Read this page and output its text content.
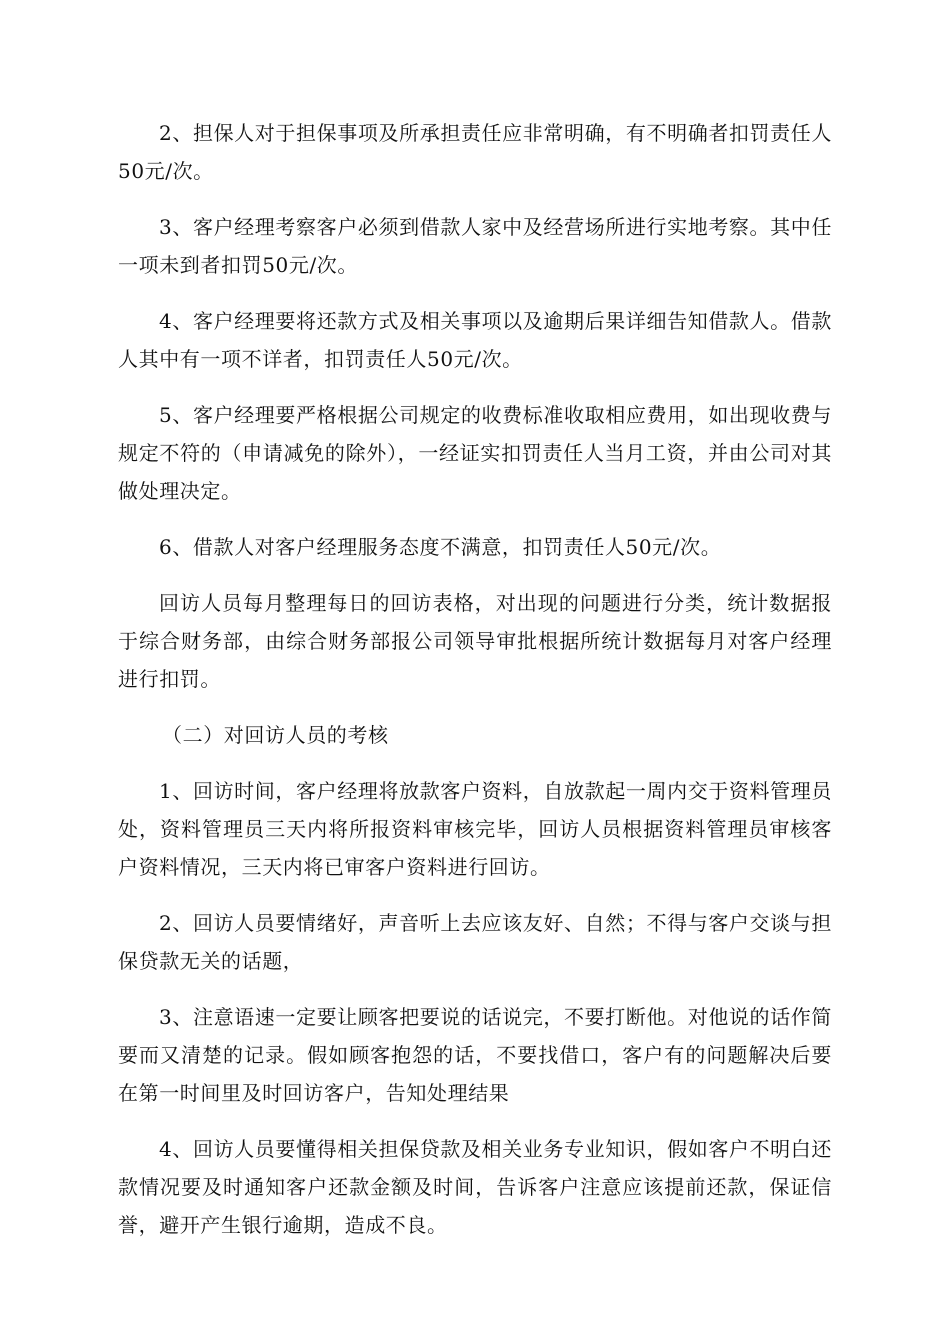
2、担保人对于担保事项及所承担责任应非常明确，有不明确者扣罚责任人50元/次。

3、客户经理考察客户必须到借款人家中及经营场所进行实地考察。其中任一项未到者扣罚50元/次。

4、客户经理要将还款方式及相关事项以及逾期后果详细告知借款人。借款人其中有一项不详者，扣罚责任人50元/次。

5、客户经理要严格根据公司规定的收费标准收取相应费用，如出现收费与规定不符的（申请减免的除外），一经证实扣罚责任人当月工资，并由公司对其做处理决定。

6、借款人对客户经理服务态度不满意，扣罚责任人50元/次。

回访人员每月整理每日的回访表格，对出现的问题进行分类，统计数据报于综合财务部，由综合财务部报公司领导审批根据所统计数据每月对客户经理进行扣罚。

（二）对回访人员的考核

1、回访时间，客户经理将放款客户资料，自放款起一周内交于资料管理员处，资料管理员三天内将所报资料审核完毕，回访人员根据资料管理员审核客户资料情况，三天内将已审客户资料进行回访。

2、回访人员要情绪好，声音听上去应该友好、自然；不得与客户交谈与担保贷款无关的话题，

3、注意语速一定要让顾客把要说的话说完，不要打断他。对他说的话作简要而又清楚的记录。假如顾客抱怨的话，不要找借口，客户有的问题解决后要在第一时间里及时回访客户，告知处理结果

4、回访人员要懂得相关担保贷款及相关业务专业知识，假如客户不明白还款情况要及时通知客户还款金额及时间，告诉客户注意应该提前还款，保证信誉，避开产生银行逾期，造成不良。
